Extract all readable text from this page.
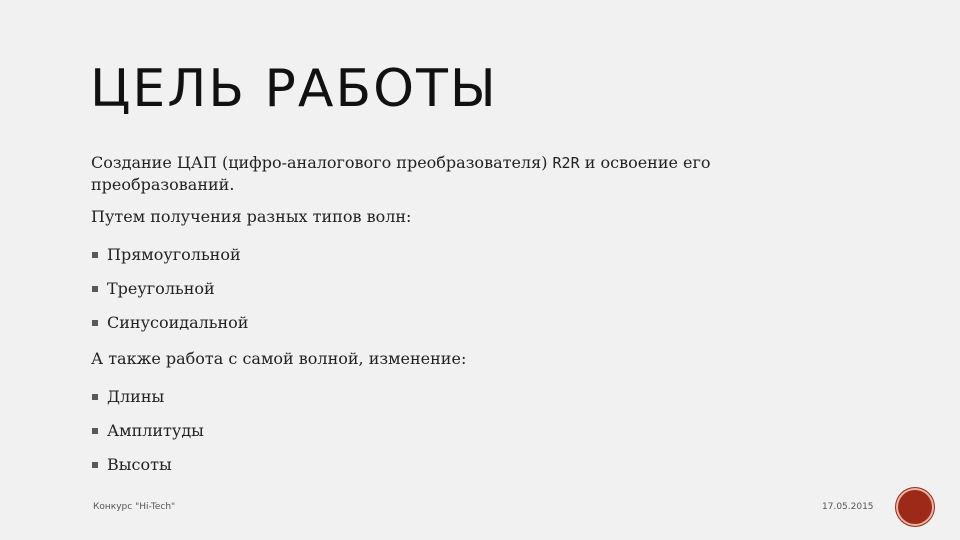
ЦЕЛЬ РАБОТЫ

Создание ЦАП (цифро-аналогового преобразователя) R2R и освоение его преобразований.

Путем получения разных типов волн:

Прямоугольной
Треугольной
Синусоидальной

А также работа с самой волной, изменение:

Длины
Амплитуды
Высоты
Конкурс "Hi-Tech"	17.05.2015
